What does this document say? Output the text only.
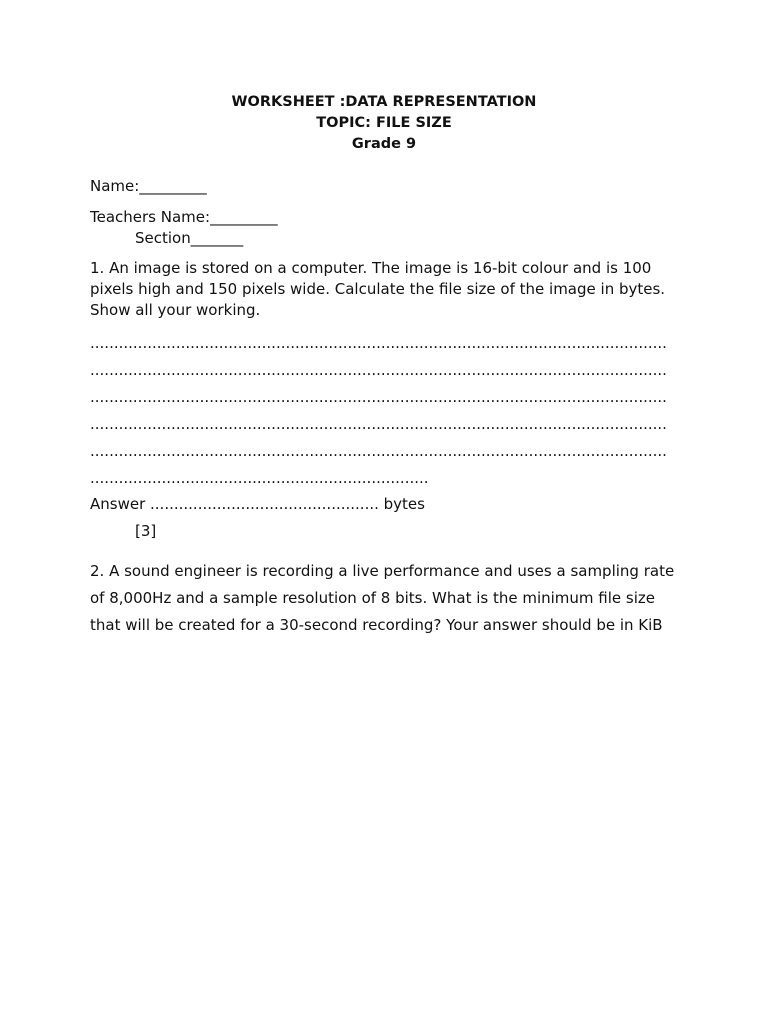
WORKSHEET :DATA REPRESENTATION
TOPIC: FILE SIZE
Grade 9
Name:_________
Teachers Name:_________
Section_______
1. An image is stored on a computer. The image is 16-bit colour and is 100
pixels high and 150 pixels wide. Calculate the file size of the image in bytes.
Show all your working.
.........................................................................................................................
.........................................................................................................................
.........................................................................................................................
.........................................................................................................................
.........................................................................................................................
.......................................................................
Answer ................................................ bytes
[3]
2. A sound engineer is recording a live performance and uses a sampling rate
of 8,000Hz and a sample resolution of 8 bits. What is the minimum file size
that will be created for a 30-second recording? Your answer should be in KiB
